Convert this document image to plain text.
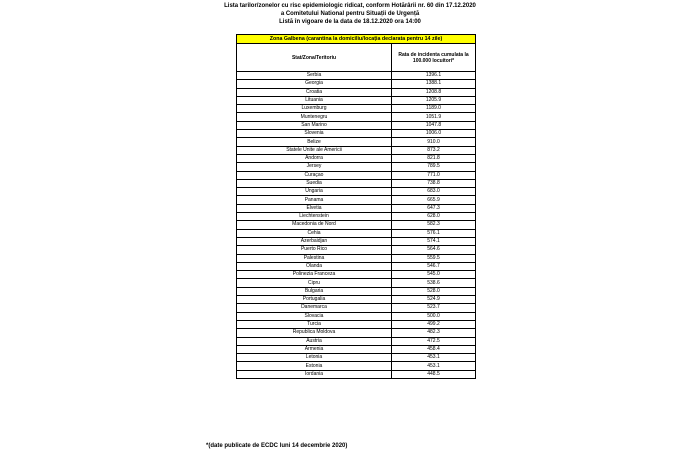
Lista tarilor/zonelor cu risc epidemiologic ridicat, conform Hotărârii nr. 60 din 17.12.2020
a Comitetului National pentru Situații de Urgență
Listă în vigoare de la data de 18.12.2020 ora 14:00
Zona Galbena (carantina la domiciliu/locația declarata pentru 14 zile)	
Stat/Zona/Teritoriu	Rata de incidenta cumulata la 100.000 locuitori*
Serbia	1396.1
Georgia	1388.1
Croatia	1208.8
Lituania	1205.9
Luxemburg	1189.0
Muntenegru	1051.9
San Marino	1047.8
Slovenia	1006.0
Belize	910.0
Statele Unite ale Americii	873.2
Andorra	821.8
Jersey	789.5
Curaçao	771.0
Suedia	738.8
Ungaria	683.0
Panama	665.9
Elvetia	647.3
Liechtenstein	628.0
Macedonia de Nord	582.3
Cehia	576.1
Azerbaidjan	574.1
Puerto Rico	564.6
Palestina	559.5
Olanda	546.7
Polinezia Franceza	545.0
Cipru	538.6
Bulgaria	528.0
Portugalia	524.9
Danemarca	523.7
Slovacia	500.0
Turcia	499.2
Republica Moldova	482.3
Austria	472.5
Armenia	458.4
Letonia	453.1
Estonia	453.1
Iordania	448.5
*(date publicate de ECDC luni 14 decembrie 2020)
